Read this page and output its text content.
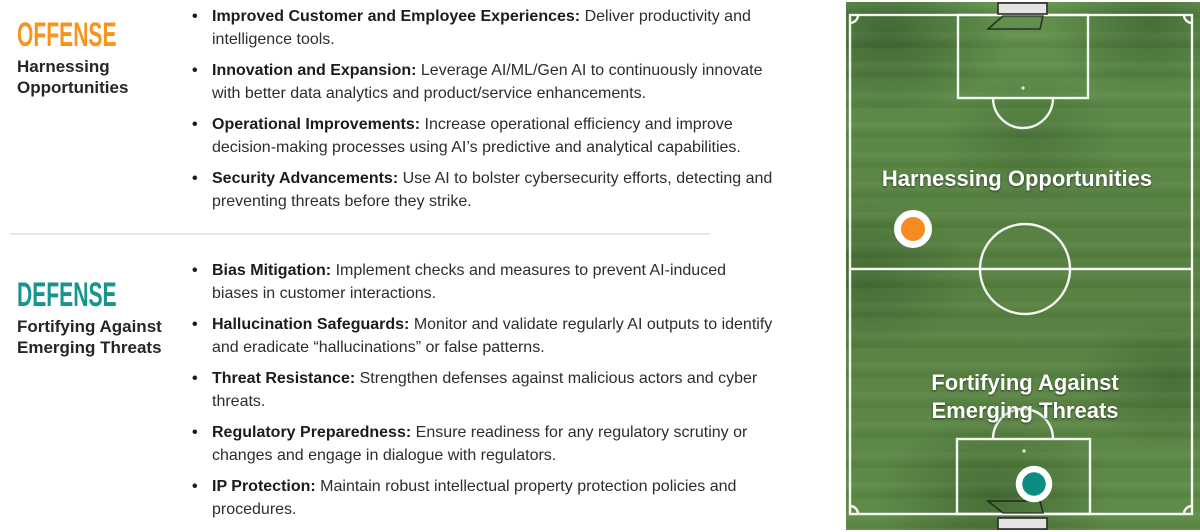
OFFENSE
Harnessing Opportunities
• Improved Customer and Employee Experiences: Deliver productivity and intelligence tools.
• Innovation and Expansion: Leverage AI/ML/Gen AI to continuously innovate with better data analytics and product/service enhancements.
• Operational Improvements: Increase operational efficiency and improve decision-making processes using AI’s predictive and analytical capabilities.
• Security Advancements: Use AI to bolster cybersecurity efforts, detecting and preventing threats before they strike.
DEFENSE
Fortifying Against Emerging Threats
• Bias Mitigation: Implement checks and measures to prevent AI-induced biases in customer interactions.
• Hallucination Safeguards: Monitor and validate regularly AI outputs to identify and eradicate “hallucinations” or false patterns.
• Threat Resistance: Strengthen defenses against malicious actors and cyber threats.
• Regulatory Preparedness: Ensure readiness for any regulatory scrutiny or changes and engage in dialogue with regulators.
• IP Protection: Maintain robust intellectual property protection policies and procedures.
Harnessing Opportunities
Fortifying Against
Emerging Threats
